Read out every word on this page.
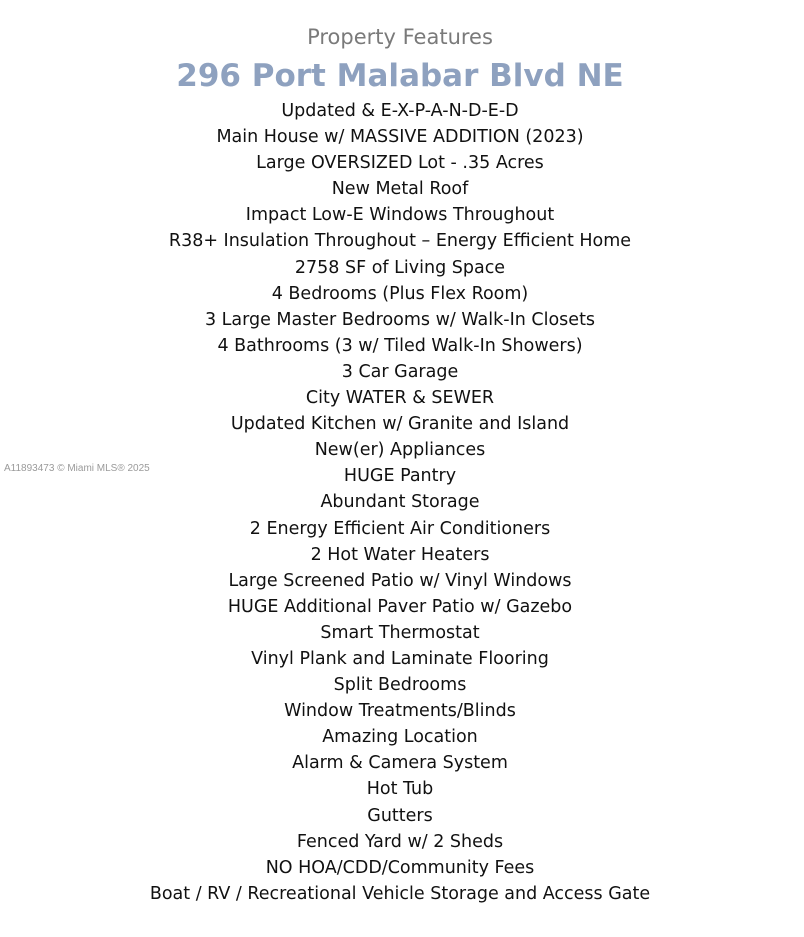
Property Features
296 Port Malabar Blvd NE
Updated & E-X-P-A-N-D-E-D
Main House w/ MASSIVE ADDITION (2023)
Large OVERSIZED Lot - .35 Acres
New Metal Roof
Impact Low-E Windows Throughout
R38+ Insulation Throughout – Energy Efficient Home
2758 SF of Living Space
4 Bedrooms (Plus Flex Room)
3 Large Master Bedrooms w/ Walk-In Closets
4 Bathrooms (3 w/ Tiled Walk-In Showers)
3 Car Garage
City WATER & SEWER
Updated Kitchen w/ Granite and Island
New(er) Appliances
HUGE Pantry
Abundant Storage
2 Energy Efficient Air Conditioners
2 Hot Water Heaters
Large Screened Patio w/ Vinyl Windows
HUGE Additional Paver Patio w/ Gazebo
Smart Thermostat
Vinyl Plank and Laminate Flooring
Split Bedrooms
Window Treatments/Blinds
Amazing Location
Alarm & Camera System
Hot Tub
Gutters
Fenced Yard w/ 2 Sheds
NO HOA/CDD/Community Fees
Boat / RV / Recreational Vehicle Storage and Access Gate
A11893473 © Miami MLS® 2025
